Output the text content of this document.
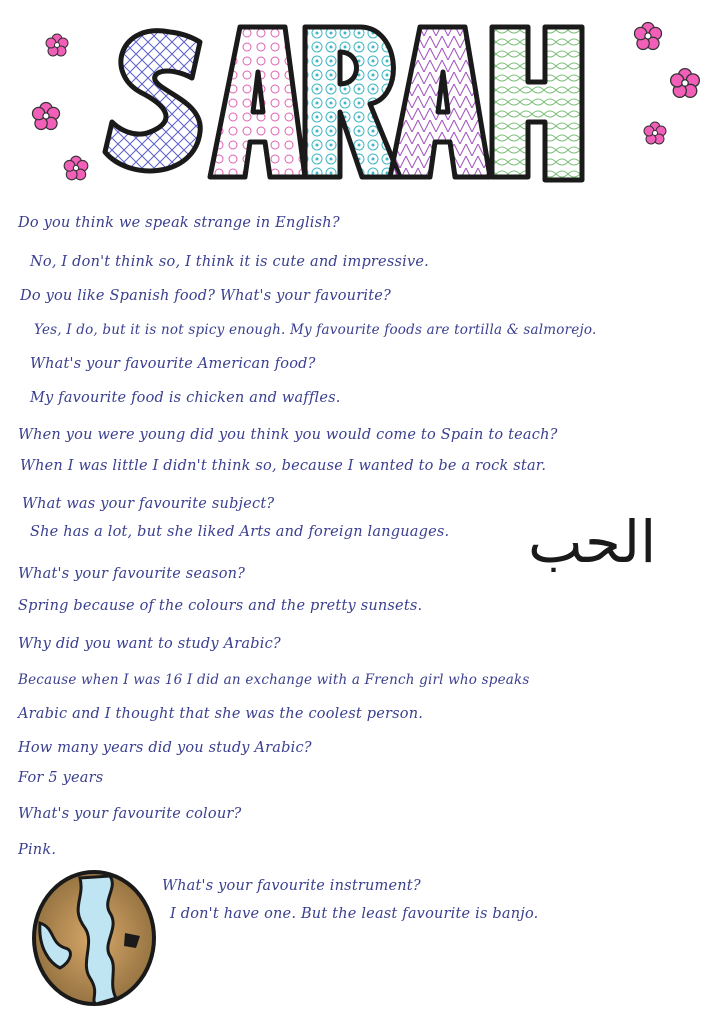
Do you think we speak strange in English?
No, I don't think so, I think it is cute and impressive.
Do you like Spanish food? What's your favourite?
Yes, I do, but it is not spicy enough. My favourite foods are tortilla & salmorejo.
What's your favourite American food?
My favourite food is chicken and waffles.
When you were young did you think you would come to Spain to teach?
When I was little I didn't think so, because I wanted to be a rock star.
What was your favourite subject?
She has a lot, but she liked Arts and foreign languages.
What's your favourite season?
Spring because of the colours and the pretty sunsets.
Why did you want to study Arabic?
Because when I was 16 I did an exchange with a French girl who speaks
Arabic and I thought that she was the coolest person.
How many years did you study Arabic?
For 5 years
What's your favourite colour?
Pink.
What's your favourite instrument?
I don't have one. But the least favourite is banjo.
الحب
